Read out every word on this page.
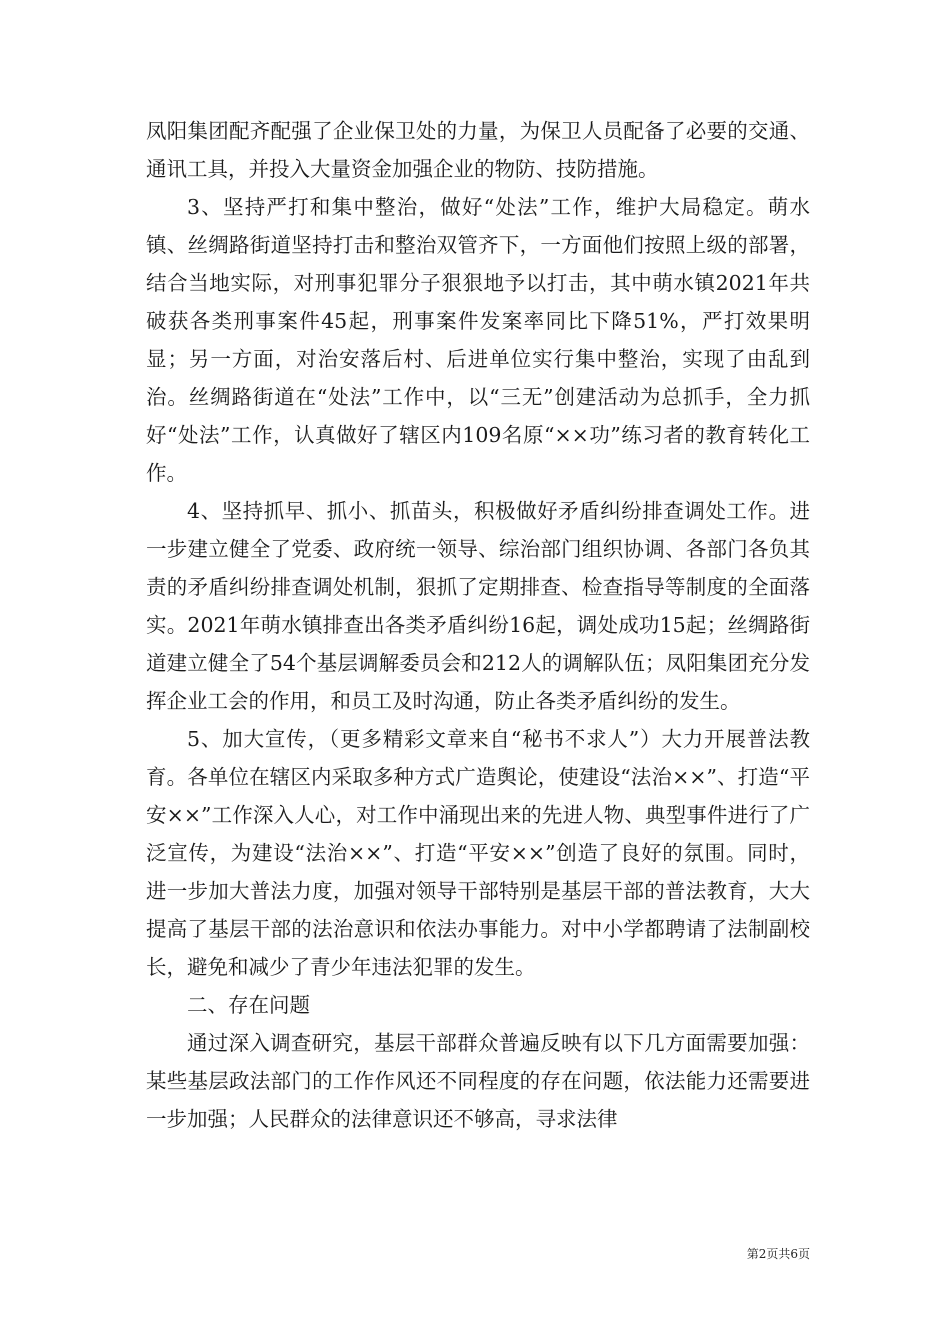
凤阳集团配齐配强了企业保卫处的力量，为保卫人员配备了必要的交通、通讯工具，并投入大量资金加强企业的物防、技防措施。

3、坚持严打和集中整治，做好“处法”工作，维护大局稳定。萌水镇、丝绸路街道坚持打击和整治双管齐下，一方面他们按照上级的部署，结合当地实际，对刑事犯罪分子狠狠地予以打击，其中萌水镇2021年共破获各类刑事案件45起，刑事案件发案率同比下降51%，严打效果明显；另一方面，对治安落后村、后进单位实行集中整治，实现了由乱到治。丝绸路街道在“处法”工作中，以“三无”创建活动为总抓手，全力抓好“处法”工作，认真做好了辖区内109名原“××功”练习者的教育转化工作。

4、坚持抓早、抓小、抓苗头，积极做好矛盾纠纷排查调处工作。进一步建立健全了党委、政府统一领导、综治部门组织协调、各部门各负其责的矛盾纠纷排查调处机制，狠抓了定期排查、检查指导等制度的全面落实。2021年萌水镇排查出各类矛盾纠纷16起，调处成功15起；丝绸路街道建立健全了54个基层调解委员会和212人的调解队伍；凤阳集团充分发挥企业工会的作用，和员工及时沟通，防止各类矛盾纠纷的发生。

5、加大宣传，（更多精彩文章来自“秘书不求人”）大力开展普法教育。各单位在辖区内采取多种方式广造舆论，使建设“法治××”、打造“平安××”工作深入人心，对工作中涌现出来的先进人物、典型事件进行了广泛宣传，为建设“法治××”、打造“平安××”创造了良好的氛围。同时，进一步加大普法力度，加强对领导干部特别是基层干部的普法教育，大大提高了基层干部的法治意识和依法办事能力。对中小学都聘请了法制副校长，避免和减少了青少年违法犯罪的发生。

二、存在问题

通过深入调查研究，基层干部群众普遍反映有以下几方面需要加强：某些基层政法部门的工作作风还不同程度的存在问题，依法能力还需要进一步加强；人民群众的法律意识还不够高，寻求法律

第2页共6页
